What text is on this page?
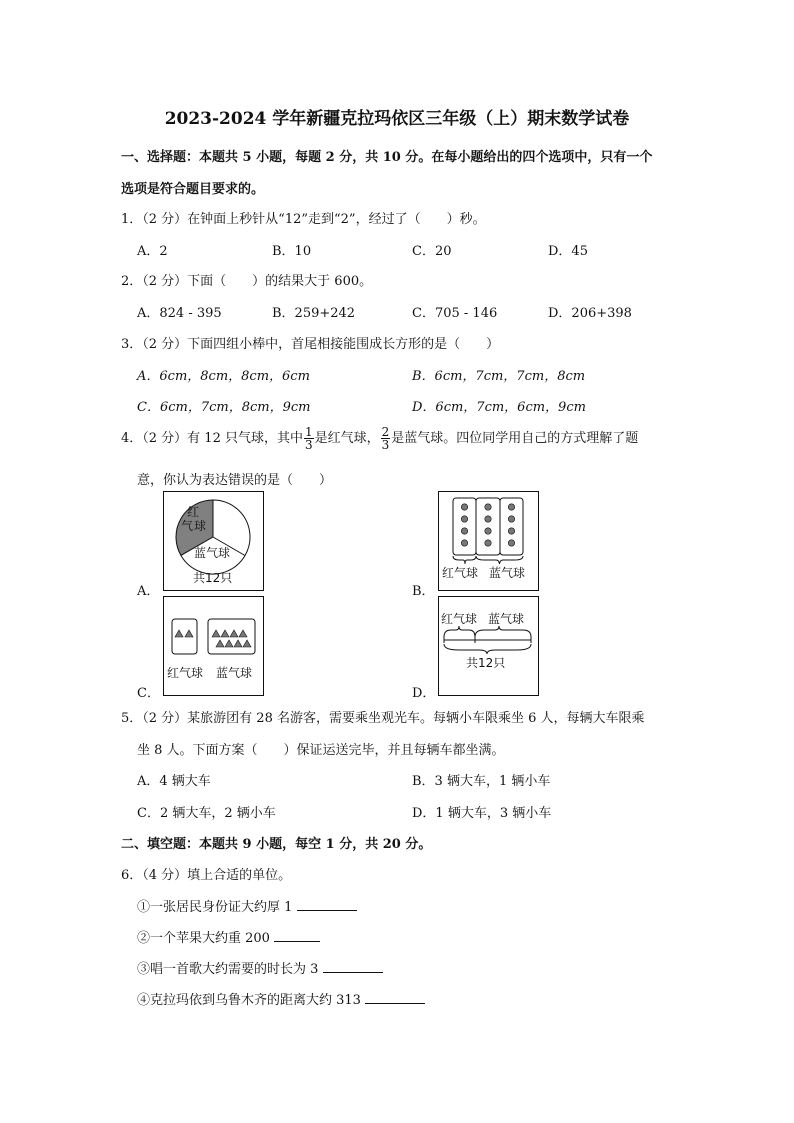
2023-2024 学年新疆克拉玛依区三年级（上）期末数学试卷
一、选择题：本题共 5 小题，每题 2 分，共 10 分。在每小题给出的四个选项中，只有一个
选项是符合题目要求的。
1．（2 分）在钟面上秒针从“12”走到“2”，经过了（　　）秒。
A．2	B．10	C．20	D．45
2．（2 分）下面（　　）的结果大于 600。
A．824 - 395	B．259+242	C．705 - 146	D．206+398
3．（2 分）下面四组小棒中，首尾相接能围成长方形的是（　　）
A．6cm，8cm，8cm，6cm	B．6cm，7cm，7cm，8cm
C．6cm，7cm，8cm，9cm	D．6cm，7cm，6cm，9cm
4．（2 分）有 12 只气球，其中 $\frac{1}{3}$ 是红气球， $\frac{2}{3}$ 是蓝气球。四位同学用自己的方式理解了题
意，你认为表达错误的是（　　）
A．
红
气 球
蓝气球
共12只
B．
红气球 蓝气球
C．
红气球 蓝气球
D．
红气球 蓝气球
共12只
5．（2 分）某旅游团有 28 名游客，需要乘坐观光车。每辆小车限乘坐 6 人，每辆大车限乘
坐 8 人。下面方案（　　）保证运送完毕，并且每辆车都坐满。
A．4 辆大车	B．3 辆大车，1 辆小车
C．2 辆大车，2 辆小车	D．1 辆大车，3 辆小车
二、填空题：本题共 9 小题，每空 1 分，共 20 分。
6．（4 分）填上合适的单位。
①一张居民身份证大约厚 1
②一个苹果大约重 200
③唱一首歌大约需要的时长为 3
④克拉玛依到乌鲁木齐的距离大约 313
